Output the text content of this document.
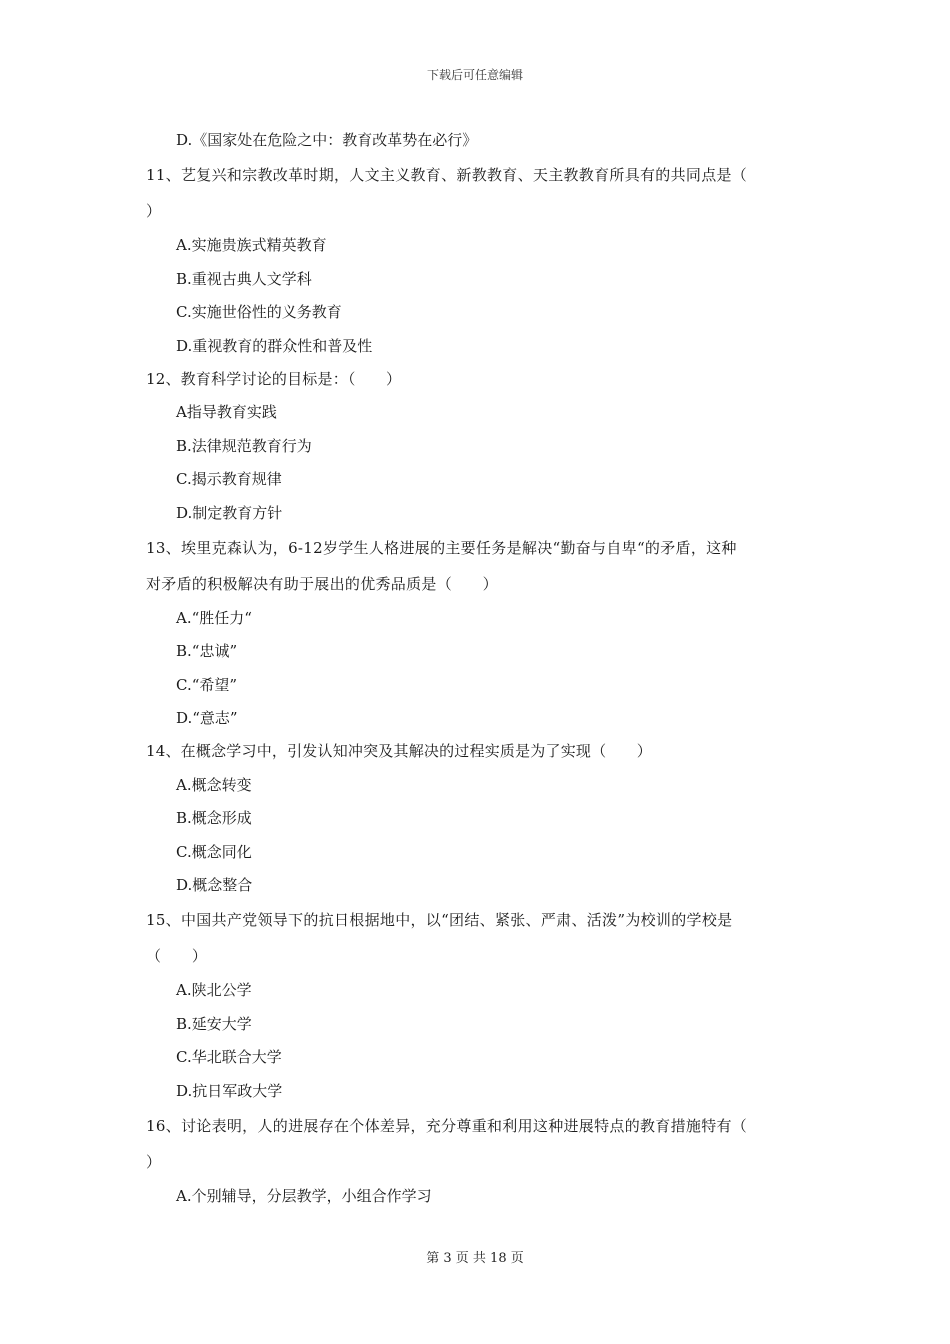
下载后可任意编辑
D.《国家处在危险之中：教育改革势在必行》
11、艺复兴和宗教改革时期，人文主义教育、新教教育、天主教教育所具有的共同点是（
）
A.实施贵族式精英教育
B.重视古典人文学科
C.实施世俗性的义务教育
D.重视教育的群众性和普及性
12、教育科学讨论的目标是：（　　）
A指导教育实践
B.法律规范教育行为
C.揭示教育规律
D.制定教育方针
13、埃里克森认为，6-12岁学生人格进展的主要任务是解决“勤奋与自卑“的矛盾，这种
对矛盾的积极解决有助于展出的优秀品质是（　　）
A.“胜任力“
B.“忠诚”
C.“希望”
D.“意志”
14、在概念学习中，引发认知冲突及其解决的过程实质是为了实现（　　）
A.概念转变
B.概念形成
C.概念同化
D.概念整合
15、中国共产党领导下的抗日根据地中，以“团结、紧张、严肃、活泼”为校训的学校是
（　　）
A.陕北公学
B.延安大学
C.华北联合大学
D.抗日军政大学
16、讨论表明，人的进展存在个体差异，充分尊重和利用这种进展特点的教育措施特有（
）
A.个别辅导，分层教学，小组合作学习
第 3 页 共 18 页
